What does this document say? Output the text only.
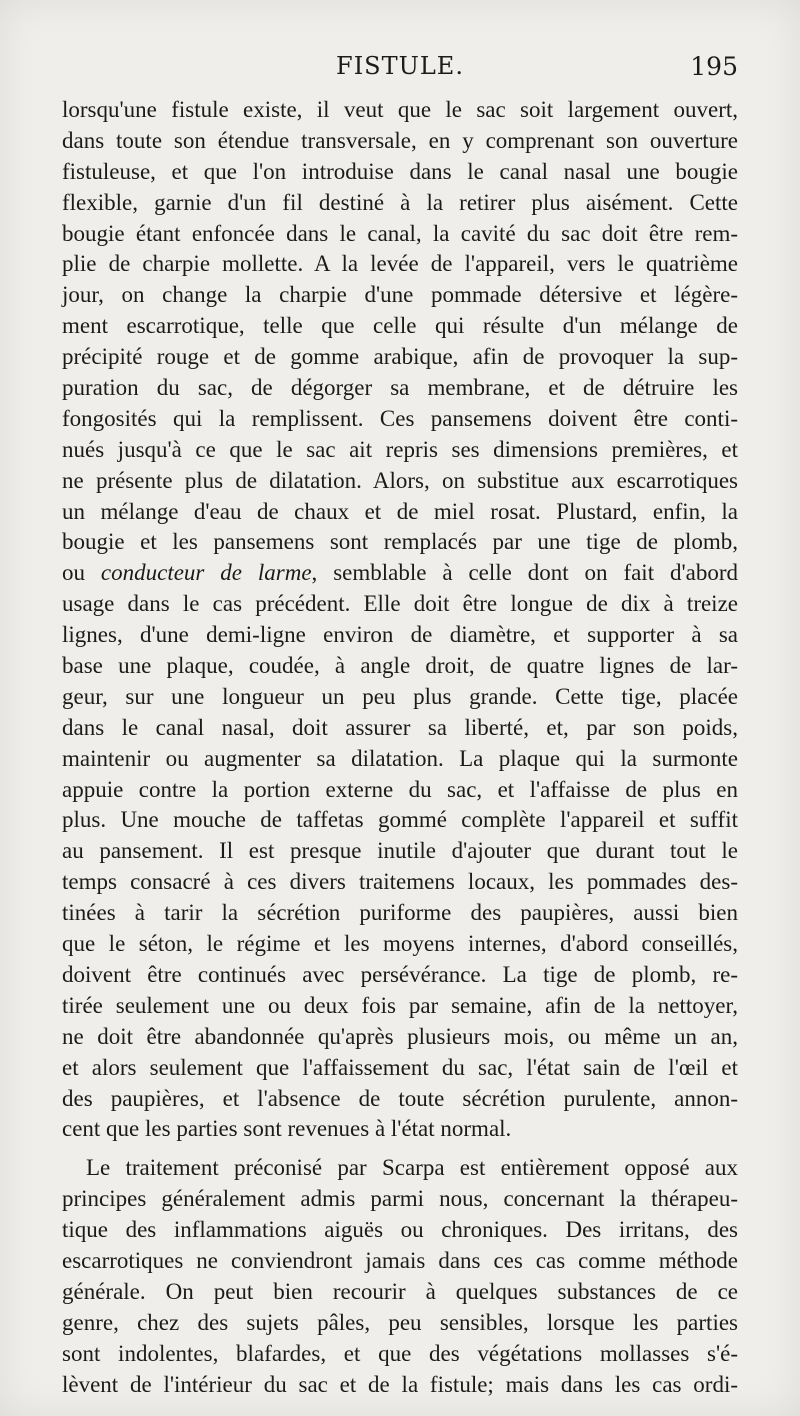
FISTULE.	195
lorsqu'une fistule existe, il veut que le sac soit largement ouvert,
dans toute son étendue transversale, en y comprenant son ouverture
fistuleuse, et que l'on introduise dans le canal nasal une bougie
flexible, garnie d'un fil destiné à la retirer plus aisément. Cette
bougie étant enfoncée dans le canal, la cavité du sac doit être rem-
plie de charpie mollette. A la levée de l'appareil, vers le quatrième
jour, on change la charpie d'une pommade détersive et légère-
ment escarrotique, telle que celle qui résulte d'un mélange de
précipité rouge et de gomme arabique, afin de provoquer la sup-
puration du sac, de dégorger sa membrane, et de détruire les
fongosités qui la remplissent. Ces pansemens doivent être conti-
nués jusqu'à ce que le sac ait repris ses dimensions premières, et
ne présente plus de dilatation. Alors, on substitue aux escarrotiques
un mélange d'eau de chaux et de miel rosat. Plustard, enfin, la
bougie et les pansemens sont remplacés par une tige de plomb,
ou conducteur de larme, semblable à celle dont on fait d'abord
usage dans le cas précédent. Elle doit être longue de dix à treize
lignes, d'une demi-ligne environ de diamètre, et supporter à sa
base une plaque, coudée, à angle droit, de quatre lignes de lar-
geur, sur une longueur un peu plus grande. Cette tige, placée
dans le canal nasal, doit assurer sa liberté, et, par son poids,
maintenir ou augmenter sa dilatation. La plaque qui la surmonte
appuie contre la portion externe du sac, et l'affaisse de plus en
plus. Une mouche de taffetas gommé complète l'appareil et suffit
au pansement. Il est presque inutile d'ajouter que durant tout le
temps consacré à ces divers traitemens locaux, les pommades des-
tinées à tarir la sécrétion puriforme des paupières, aussi bien
que le séton, le régime et les moyens internes, d'abord conseillés,
doivent être continués avec persévérance. La tige de plomb, re-
tirée seulement une ou deux fois par semaine, afin de la nettoyer,
ne doit être abandonnée qu'après plusieurs mois, ou même un an,
et alors seulement que l'affaissement du sac, l'état sain de l'œil et
des paupières, et l'absence de toute sécrétion purulente, annon-
cent que les parties sont revenues à l'état normal.
Le traitement préconisé par Scarpa est entièrement opposé aux
principes généralement admis parmi nous, concernant la thérapeu-
tique des inflammations aiguës ou chroniques. Des irritans, des
escarrotiques ne conviendront jamais dans ces cas comme méthode
générale. On peut bien recourir à quelques substances de ce
genre, chez des sujets pâles, peu sensibles, lorsque les parties
sont indolentes, blafardes, et que des végétations mollasses s'é-
lèvent de l'intérieur du sac et de la fistule; mais dans les cas ordi-
